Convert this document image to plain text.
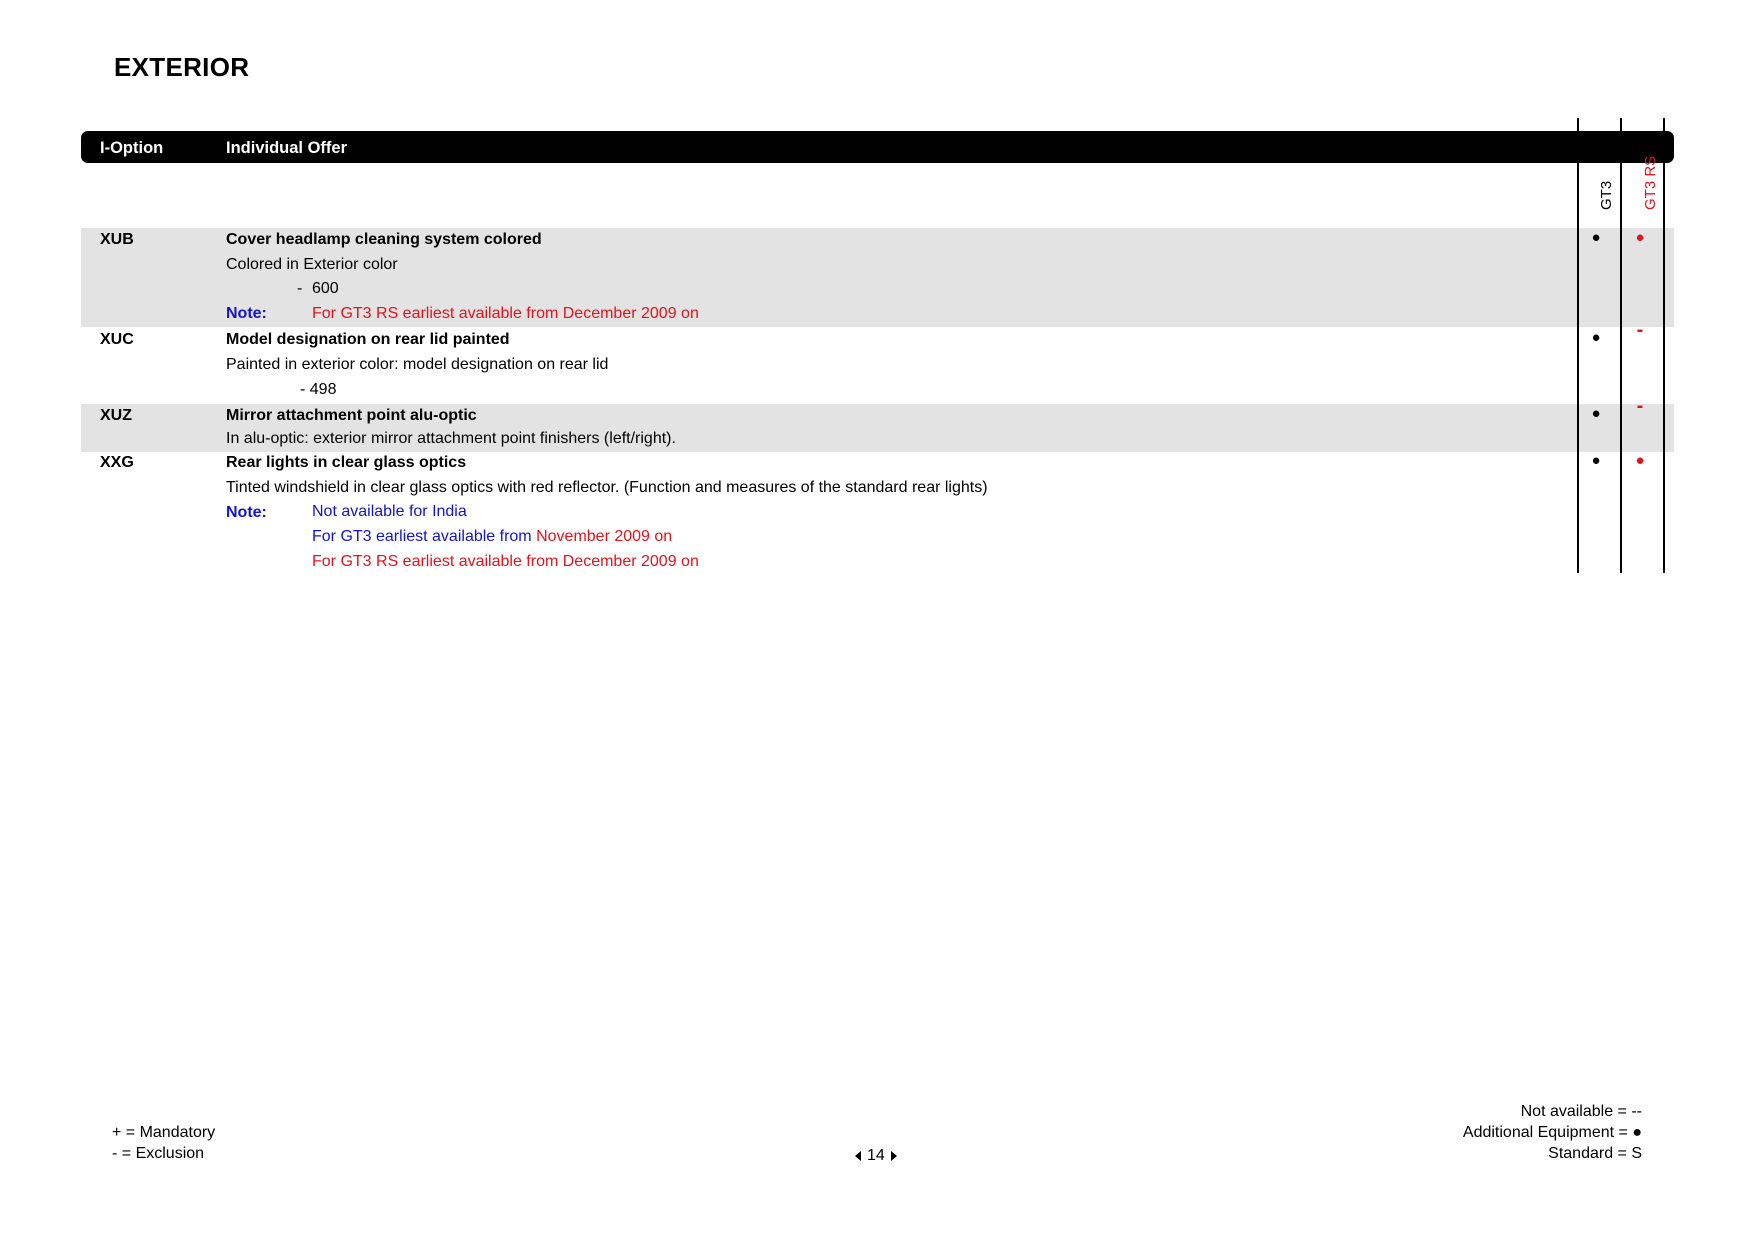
EXTERIOR
I-Option	Individual Offer
GT3 GT3 RS
XUB	Cover headlamp cleaning system colored
Colored in Exterior color
- 600
Note:	For GT3 RS earliest available from December 2009 on
●	●
XUC	Model designation on rear lid painted
Painted in exterior color: model designation on rear lid
- 498
●	-
XUZ	Mirror attachment point alu-optic
In alu-optic: exterior mirror attachment point finishers (left/right).
●	-
XXG	Rear lights in clear glass optics
Tinted windshield in clear glass optics with red reflector. (Function and measures of the standard rear lights)
Note:	Not available for India
For GT3 earliest available from November 2009 on
For GT3 RS earliest available from December 2009 on
●	●
+ = Mandatory
- = Exclusion	14
Not available = --
Additional Equipment = ●
Standard = S
